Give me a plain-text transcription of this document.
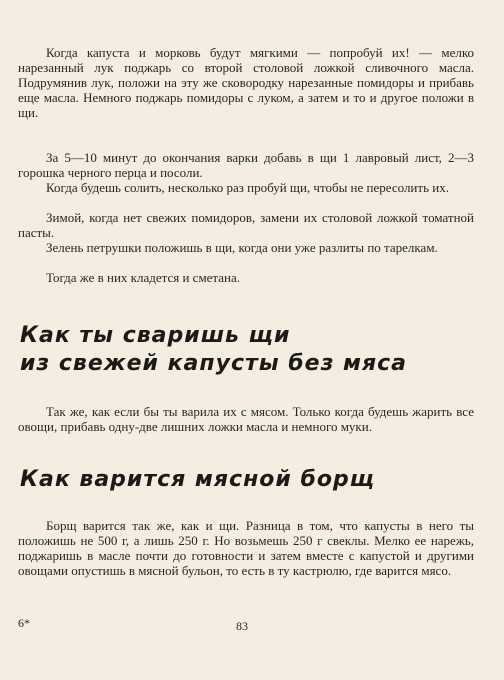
Когда капуста и морковь будут мягкими — попробуй их! — мелко нарезанный лук поджарь со второй столовой ложкой сливочного масла. Подрумянив лук, положи на эту же сковородку нарезанные помидоры и прибавь еще масла. Немного поджарь помидоры с луком, а затем и то и другое положи в щи.

За 5—10 минут до окончания варки добавь в щи 1 лавровый лист, 2—3 горошка черного перца и посоли.

Когда будешь солить, несколько раз пробуй щи, чтобы не пересолить их.

Зимой, когда нет свежих помидоров, замени их столовой ложкой томатной пасты.

Зелень петрушки положишь в щи, когда они уже разлиты по тарелкам.

Тогда же в них кладется и сметана.

Как ты сваришь щи
из свежей капусты без мяса

Так же, как если бы ты варила их с мясом. Только когда будешь жарить все овощи, прибавь одну-две лишних ложки масла и немного муки.

Как варится мясной борщ

Борщ варится так же, как и щи. Разница в том, что капусты в него ты положишь не 500 г, а лишь 250 г. Но возьмешь 250 г свеклы. Мелко ее нарежь, поджаришь в масле почти до готовности и затем вместе с капустой и другими овощами опустишь в мясной бульон, то есть в ту кастрюлю, где варится мясо.

6*	83
